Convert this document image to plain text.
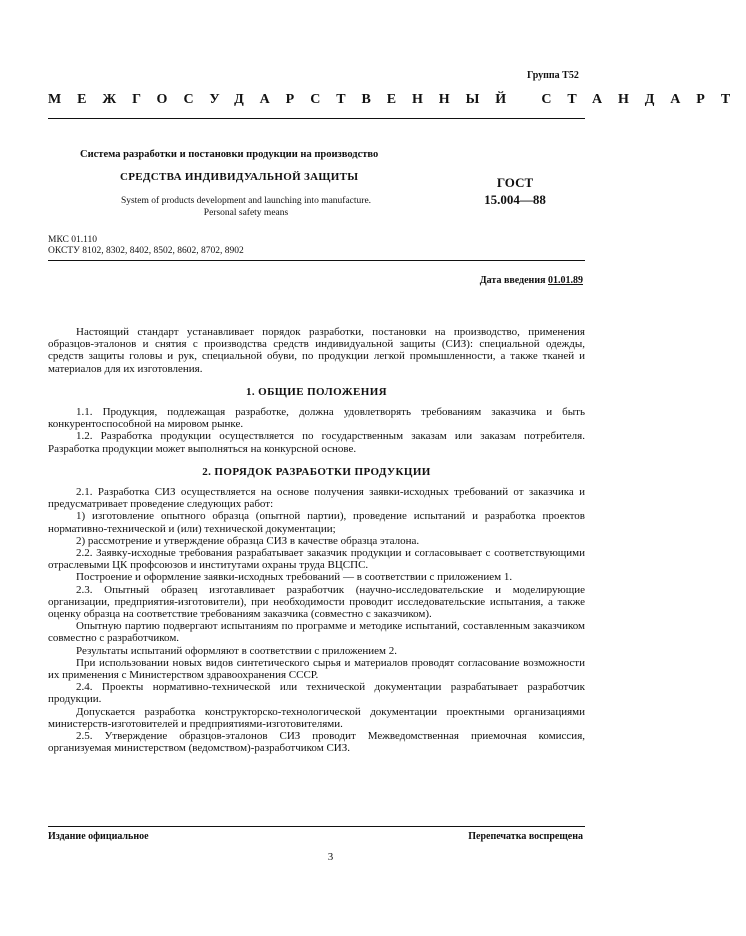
Группа Т52
МЕЖГОСУДАРСТВЕННЫЙ СТАНДАРТ
Система разработки и постановки продукции на производство
СРЕДСТВА ИНДИВИДУАЛЬНОЙ ЗАЩИТЫ
System of products development and launching into manufacture. Personal safety means
ГОСТ
15.004—88
МКС 01.110
ОКСТУ 8102, 8302, 8402, 8502, 8602, 8702, 8902
Дата введения 01.01.89

Настоящий стандарт устанавливает порядок разработки, постановки на производство, применения образцов-эталонов и снятия с производства средств индивидуальной защиты (СИЗ): специальной одежды, средств защиты головы и рук, специальной обуви, по продукции легкой промышленности, а также тканей и материалов для их изготовления.

1. ОБЩИЕ ПОЛОЖЕНИЯ

1.1. Продукция, подлежащая разработке, должна удовлетворять требованиям заказчика и быть конкурентоспособной на мировом рынке.

1.2. Разработка продукции осуществляется по государственным заказам или заказам потребителя. Разработка продукции может выполняться на конкурсной основе.

2. ПОРЯДОК РАЗРАБОТКИ ПРОДУКЦИИ

2.1. Разработка СИЗ осуществляется на основе получения заявки-исходных требований от заказчика и предусматривает проведение следующих работ:

1) изготовление опытного образца (опытной партии), проведение испытаний и разработка проектов нормативно-технической и (или) технической документации;

2) рассмотрение и утверждение образца СИЗ в качестве образца эталона.

2.2. Заявку-исходные требования разрабатывает заказчик продукции и согласовывает с соответствующими отраслевыми ЦК профсоюзов и институтами охраны труда ВЦСПС.

Построение и оформление заявки-исходных требований — в соответствии с приложением 1.

2.3. Опытный образец изготавливает разработчик (научно-исследовательские и моделирующие организации, предприятия-изготовители), при необходимости проводит исследовательские испытания, а также оценку образца на соответствие требованиям заказчика (совместно с заказчиком).

Опытную партию подвергают испытаниям по программе и методике испытаний, составленным заказчиком совместно с разработчиком.

Результаты испытаний оформляют в соответствии с приложением 2.

При использовании новых видов синтетического сырья и материалов проводят согласование возможности их применения с Министерством здравоохранения СССР.

2.4. Проекты нормативно-технической или технической документации разрабатывает разработчик продукции.

Допускается разработка конструкторско-технологической документации проектными организациями министерств-изготовителей и предприятиями-изготовителями.

2.5. Утверждение образцов-эталонов СИЗ проводит Межведомственная приемочная комиссия, организуемая министерством (ведомством)-разработчиком СИЗ.

Издание официальное	Перепечатка воспрещена
3
